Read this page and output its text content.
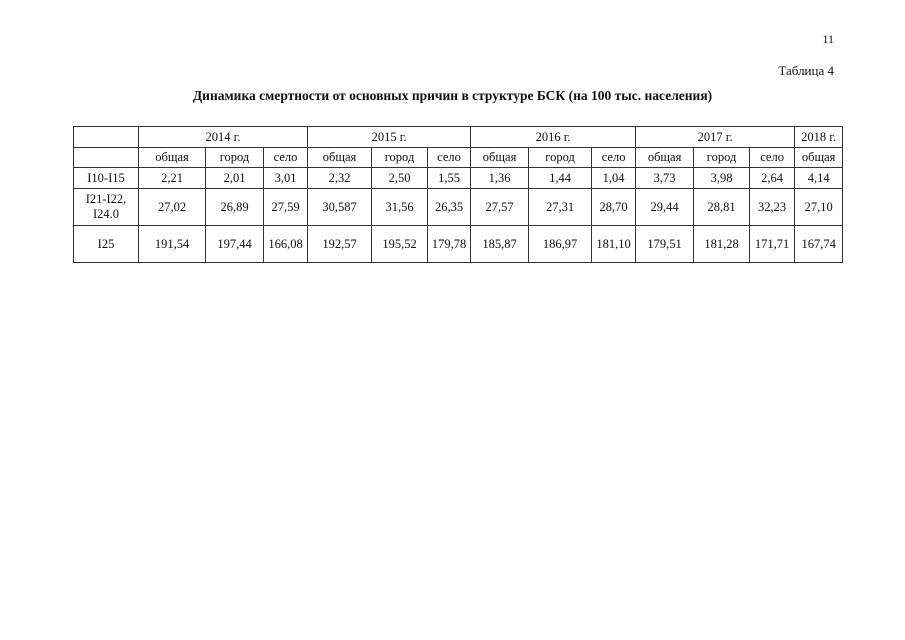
11
Таблица 4
Динамика смертности от основных причин в структуре БСК (на 100 тыс. населения)
	2014 г.			2015 г.			2016 г.			2017 г.			2018 г.
	общая	город	село	общая	город	село	общая	город	село	общая	город	село	общая
I10-I15	2,21	2,01	3,01	2,32	2,50	1,55	1,36	1,44	1,04	3,73	3,98	2,64	4,14
I21-I22, I24.0	27,02	26,89	27,59	30,587	31,56	26,35	27,57	27,31	28,70	29,44	28,81	32,23	27,10
I25	191,54	197,44	166,08	192,57	195,52	179,78	185,87	186,97	181,10	179,51	181,28	171,71	167,74
